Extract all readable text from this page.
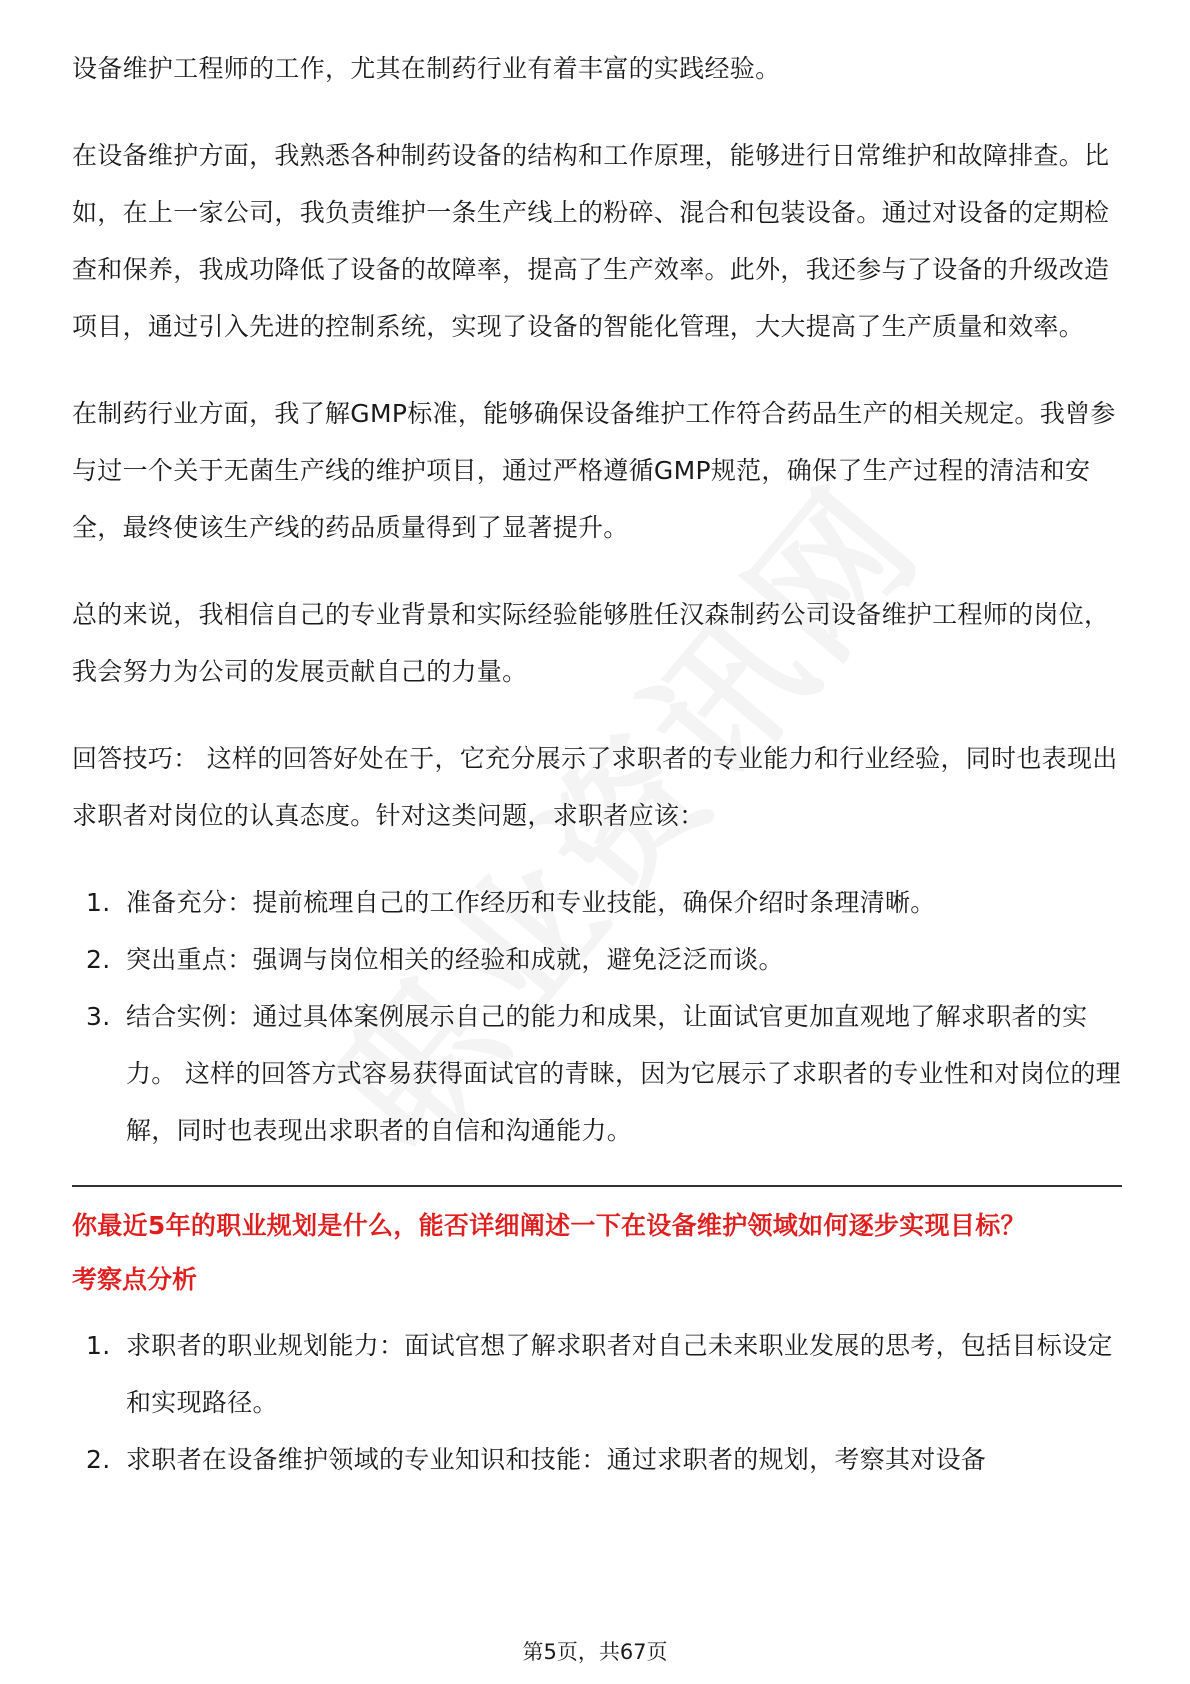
设备维护工程师的工作，尤其在制药行业有着丰富的实践经验。

在设备维护方面，我熟悉各种制药设备的结构和工作原理，能够进行日常维护和故障排查。比如，在上一家公司，我负责维护一条生产线上的粉碎、混合和包装设备。通过对设备的定期检查和保养，我成功降低了设备的故障率，提高了生产效率。此外，我还参与了设备的升级改造项目，通过引入先进的控制系统，实现了设备的智能化管理，大大提高了生产质量和效率。

在制药行业方面，我了解GMP标准，能够确保设备维护工作符合药品生产的相关规定。我曾参与过一个关于无菌生产线的维护项目，通过严格遵循GMP规范，确保了生产过程的清洁和安全，最终使该生产线的药品质量得到了显著提升。

总的来说，我相信自己的专业背景和实际经验能够胜任汉森制药公司设备维护工程师的岗位，我会努力为公司的发展贡献自己的力量。

回答技巧： 这样的回答好处在于，它充分展示了求职者的专业能力和行业经验，同时也表现出求职者对岗位的认真态度。针对这类问题，求职者应该：

1. 准备充分：提前梳理自己的工作经历和专业技能，确保介绍时条理清晰。
2. 突出重点：强调与岗位相关的经验和成就，避免泛泛而谈。
3. 结合实例：通过具体案例展示自己的能力和成果，让面试官更加直观地了解求职者的实力。 这样的回答方式容易获得面试官的青睐，因为它展示了求职者的专业性和对岗位的理解，同时也表现出求职者的自信和沟通能力。
你最近5年的职业规划是什么，能否详细阐述一下在设备维护领域如何逐步实现目标？
考察点分析
1. 求职者的职业规划能力：面试官想了解求职者对自己未来职业发展的思考，包括目标设定和实现路径。
2. 求职者在设备维护领域的专业知识和技能：通过求职者的规划，考察其对设备
第5页，共67页
